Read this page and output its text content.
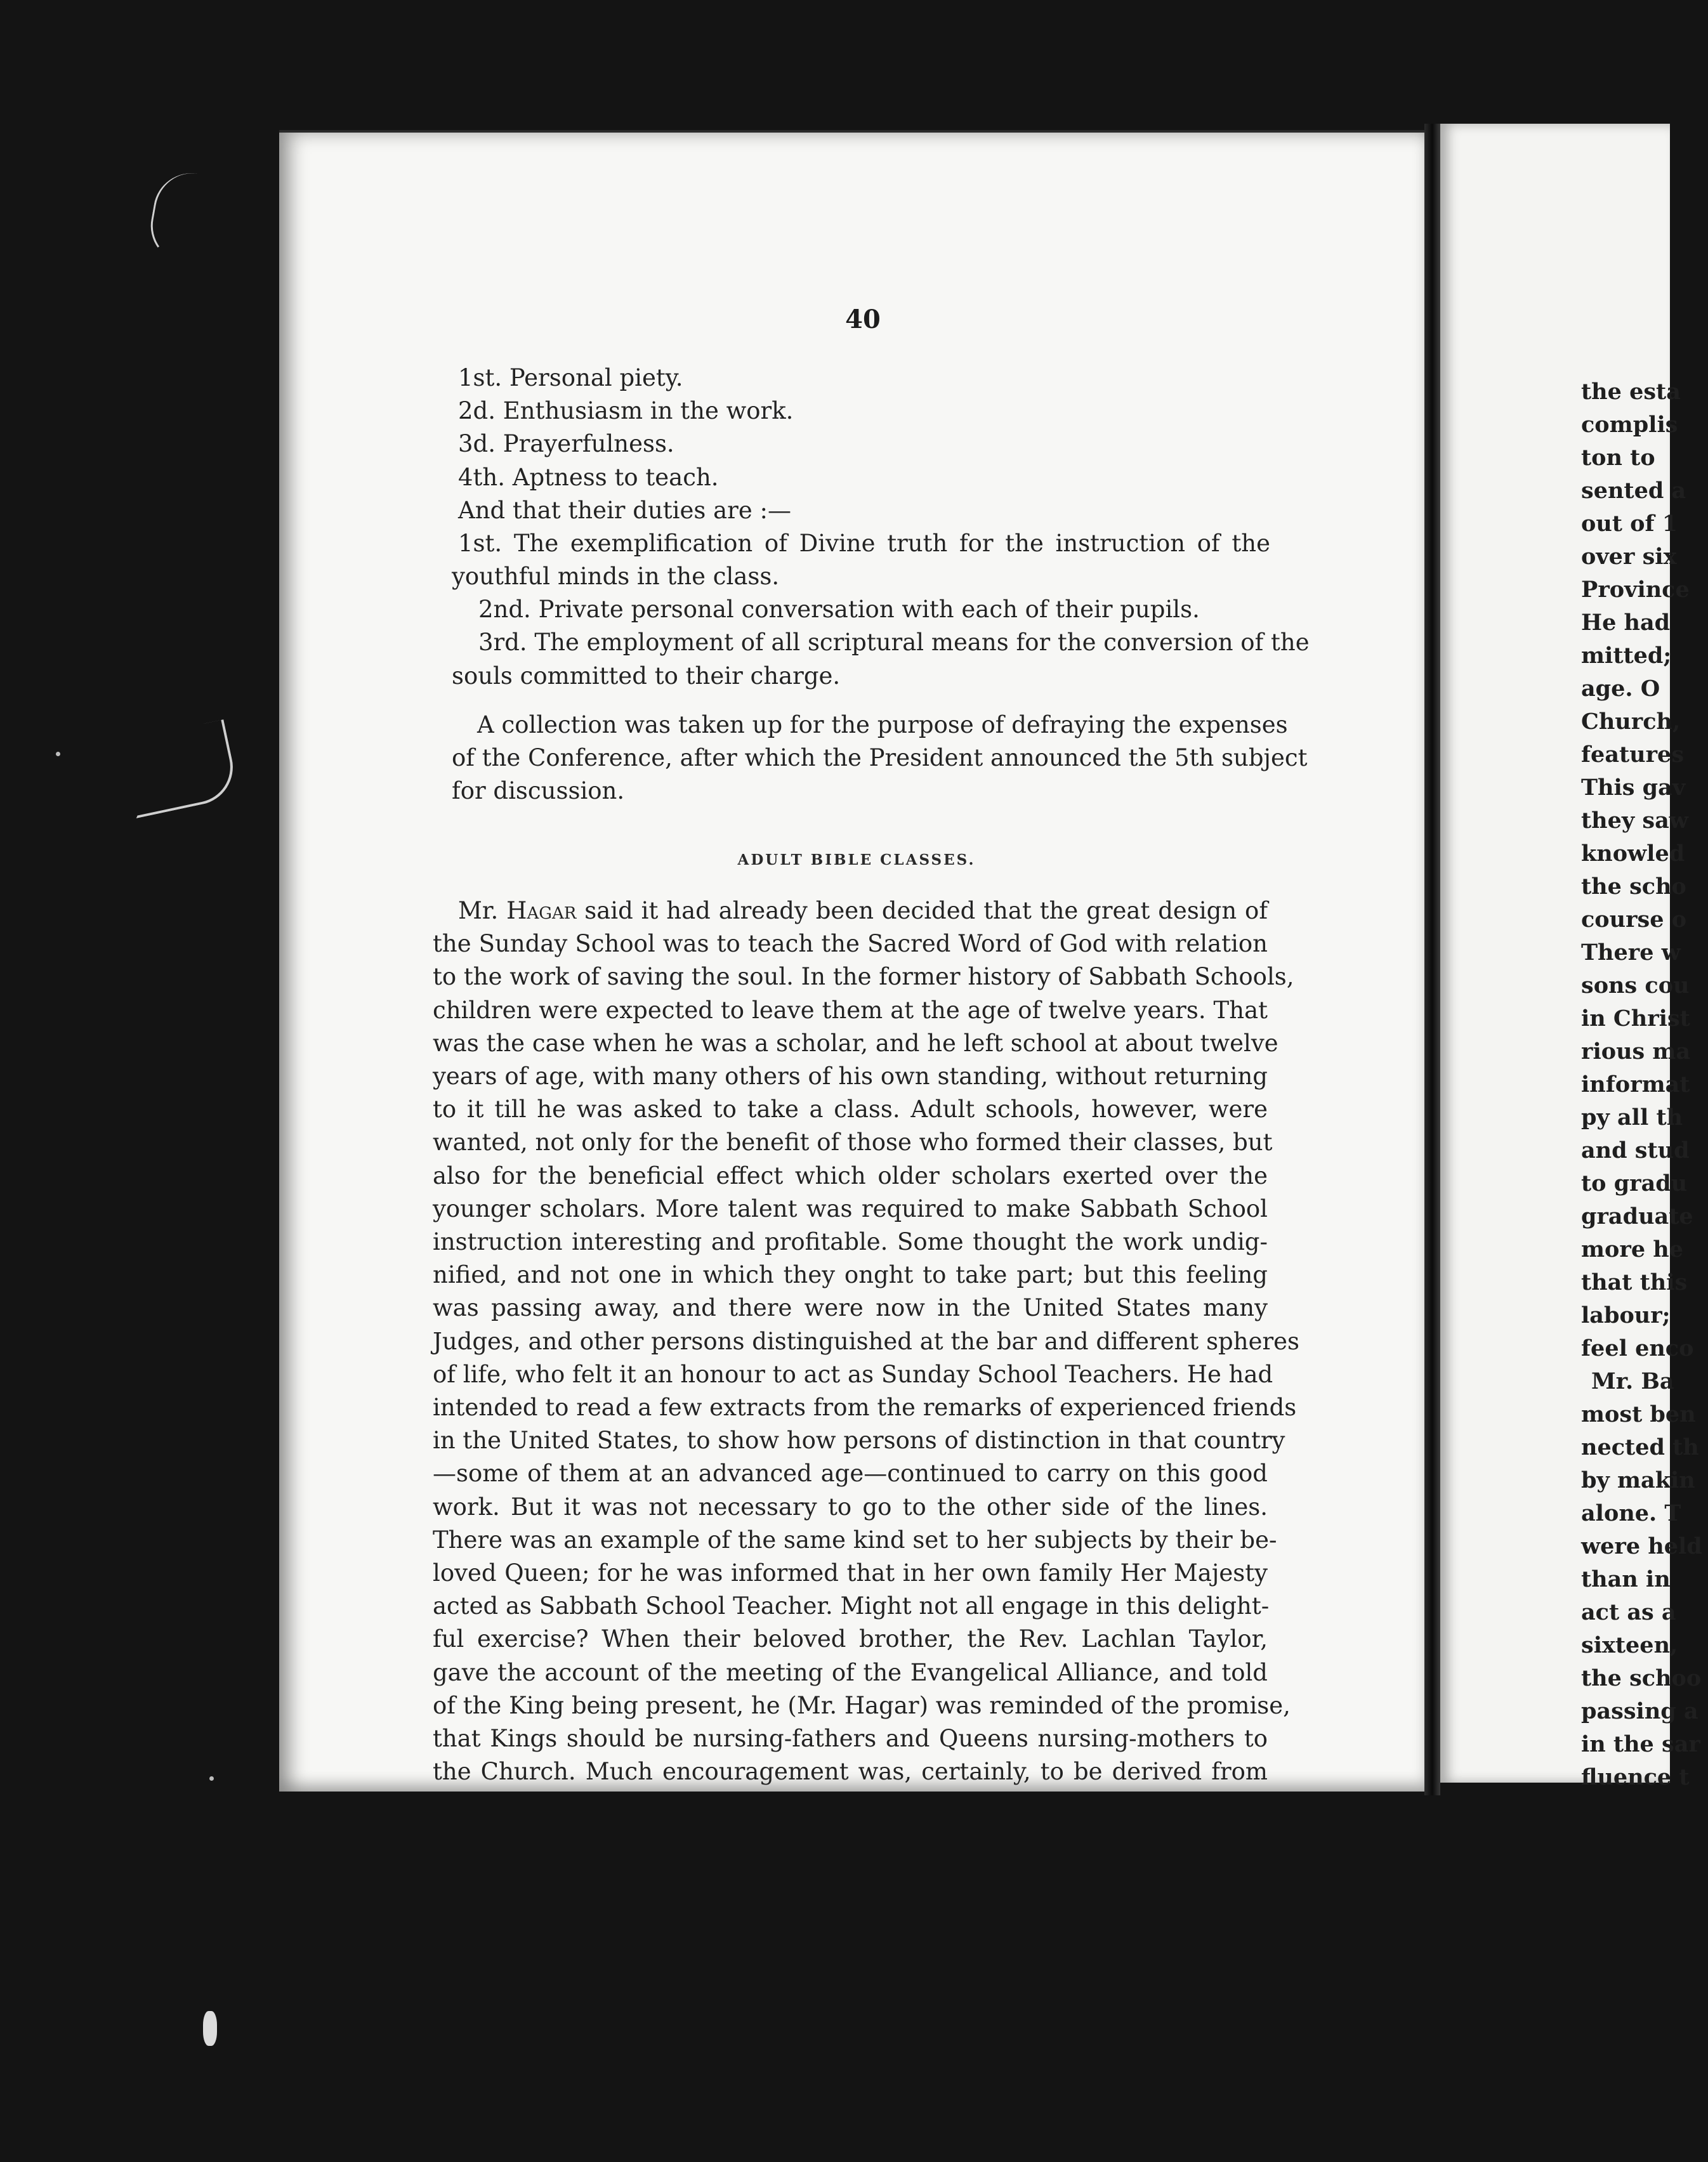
40
1st. Personal piety.
2d. Enthusiasm in the work.
3d. Prayerfulness.
4th. Aptness to teach.
And that their duties are :—
1st. The exemplification of Divine truth for the instruction of the
youthful minds in the class.
2nd. Private personal conversation with each of their pupils.
3rd. The employment of all scriptural means for the conversion of the
souls committed to their charge.
A collection was taken up for the purpose of defraying the expenses
of the Conference, after which the President announced the 5th subject
for discussion.
ADULT BIBLE CLASSES.
Mr. Hagar said it had already been decided that the great design of
the Sunday School was to teach the Sacred Word of God with relation
to the work of saving the soul. In the former history of Sabbath Schools,
children were expected to leave them at the age of twelve years. That
was the case when he was a scholar, and he left school at about twelve
years of age, with many others of his own standing, without returning
to it till he was asked to take a class. Adult schools, however, were
wanted, not only for the benefit of those who formed their classes, but
also for the beneficial effect which older scholars exerted over the
younger scholars. More talent was required to make Sabbath School
instruction interesting and profitable. Some thought the work undig-
nified, and not one in which they onght to take part; but this feeling
was passing away, and there were now in the United States many
Judges, and other persons distinguished at the bar and different spheres
of life, who felt it an honour to act as Sunday School Teachers. He had
intended to read a few extracts from the remarks of experienced friends
in the United States, to show how persons of distinction in that country
—some of them at an advanced age—continued to carry on this good
work. But it was not necessary to go to the other side of the lines.
There was an example of the same kind set to her subjects by their be-
loved Queen; for he was informed that in her own family Her Majesty
acted as Sabbath School Teacher. Might not all engage in this delight-
ful exercise? When their beloved brother, the Rev. Lachlan Taylor,
gave the account of the meeting of the Evangelical Alliance, and told
of the King being present, he (Mr. Hagar) was reminded of the promise,
that Kings should be nursing-fathers and Queens nursing-mothers to
the Church. Much encouragement was, certainly, to be derived from
the esta
complis
ton to
sented a
out of 1
over six
Province
He had
mitted;
age. O
Church,
features
This gav
they saw
knowled
the scho
course o
There w
sons cou
in Christ
rious ma
informat
py all th
and stud
to gradu
graduate
more he
that this
labour;
feel enco
Mr. Ba
most ben
nected th
by makin
alone. T
were held
than in
act as a
sixteen,
the schoo
passing a
in the sar
fluence t
